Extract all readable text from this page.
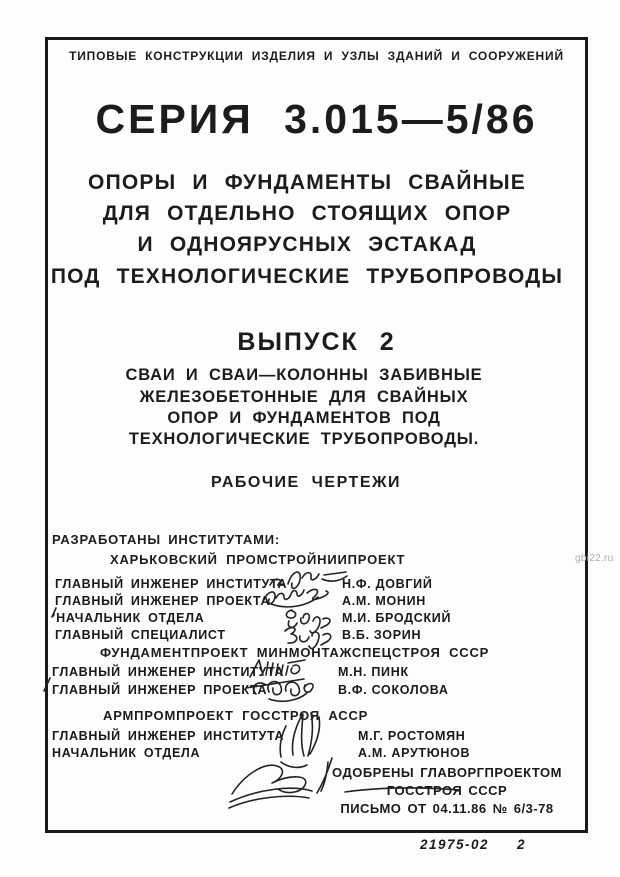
ТИПОВЫЕ КОНСТРУКЦИИ ИЗДЕЛИЯ И УЗЛЫ ЗДАНИЙ И СООРУЖЕНИЙ
СЕРИЯ 3.015—5/86
ОПОРЫ И ФУНДАМЕНТЫ СВАЙНЫЕ
ДЛЯ ОТДЕЛЬНО СТОЯЩИХ ОПОР
И ОДНОЯРУСНЫХ ЭСТАКАД
ПОД ТЕХНОЛОГИЧЕСКИЕ ТРУБОПРОВОДЫ
ВЫПУСК 2
СВАИ И СВАИ—КОЛОННЫ ЗАБИВНЫЕ
ЖЕЛЕЗОБЕТОННЫЕ ДЛЯ СВАЙНЫХ
ОПОР И ФУНДАМЕНТОВ ПОД
ТЕХНОЛОГИЧЕСКИЕ ТРУБОПРОВОДЫ.
РАБОЧИЕ ЧЕРТЕЖИ
РАЗРАБОТАНЫ ИНСТИТУТАМИ:
ХАРЬКОВСКИЙ ПРОМСТРОЙНИИПРОЕКТ
ГЛАВНЫЙ ИНЖЕНЕР ИНСТИТУТА	Н.Ф. ДОВГИЙ
ГЛАВНЫЙ ИНЖЕНЕР ПРОЕКТА	А.М. МОНИН
’НАЧАЛЬНИК ОТДЕЛА	М.И. БРОДСКИЙ
ГЛАВНЫЙ СПЕЦИАЛИСТ	В.Б. ЗОРИН
ФУНДАМЕНТПРОЕКТ МИНМОНТАЖСПЕЦСТРОЯ СССР
ГЛАВНЫЙ ИНЖЕНЕР ИНСТИТУТА	М.Н. ПИНК
ГЛАВНЫЙ ИНЖЕНЕР ПРОЕКТА	В.Ф. СОКОЛОВА
АРМПРОМПРОЕКТ ГОССТРОЯ АССР
ГЛАВНЫЙ ИНЖЕНЕР ИНСТИТУТА	М.Г. РОСТОМЯН
НАЧАЛЬНИК ОТДЕЛА	А.М. АРУТЮНОВ
ОДОБРЕНЫ ГЛАВОРГПРОЕКТОМ
ГОССТРОЯ СССР
ПИСЬМО ОТ 04.11.86 № 6/3-78
21975-02 2
gbi22.ru
